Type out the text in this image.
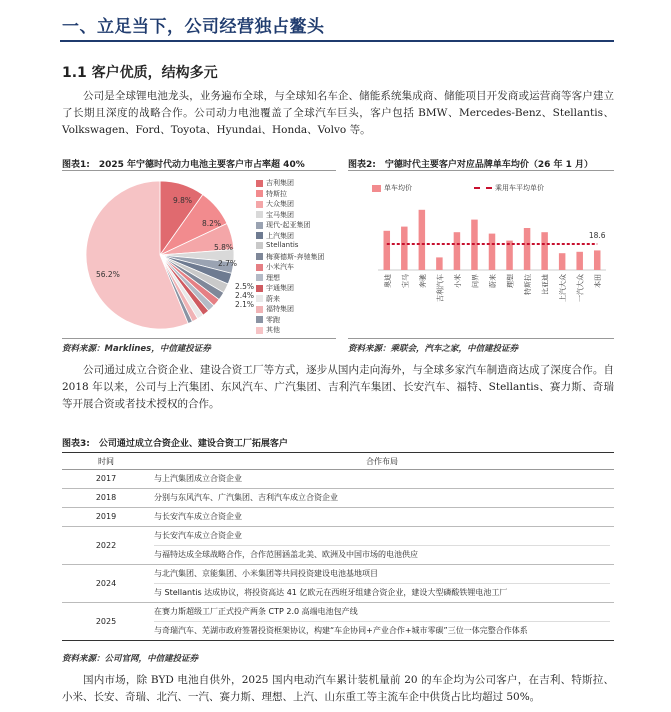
一、立足当下，公司经营独占鳌头
1.1 客户优质，结构多元
公司是全球锂电池龙头，业务遍布全球，与全球知名车企、储能系统集成商、储能项目开发商或运营商等客户建立了长期且深度的战略合作。公司动力电池覆盖了全球汽车巨头，客户包括 BMW、Mercedes-Benz、Stellantis、Volkswagen、Ford、Toyota、Hyundai、Honda、Volvo 等。
图表1:　2025 年宁德时代动力电池主要客户市占率超 40%
9.8%
8.2%
5.8%
2.7%
2.5%
2.4%
2.1%
56.2%
吉利集团
特斯拉
大众集团
宝马集团
现代-起亚集团
上汽集团
Stellantis
梅赛德斯-奔驰集团
小米汽车
理想
宇通集团
蔚来
福特集团
零跑
其他
资料来源：Marklines，中信建投证券
图表2:　宁德时代主要客户对应品牌单车均价（26 年 1 月）
单车均价	乘用车平均单价
奥迪 宝马 奔驰 吉利汽车 小米 问界 蔚来 理想 特斯拉 比亚迪 上汽大众 一汽大众 本田
18.6
资料来源：乘联会，汽车之家，中信建投证券
公司通过成立合资企业、建设合资工厂等方式，逐步从国内走向海外，与全球多家汽车制造商达成了深度合作。自 2018 年以来，公司与上汽集团、东风汽车、广汽集团、吉利汽车集团、长安汽车、福特、Stellantis、赛力斯、奇瑞等开展合资或者技术授权的合作。
图表3:　公司通过成立合资企业、建设合资工厂拓展客户
时间	合作布局
2017	与上汽集团成立合资企业

2018	分别与东风汽车、广汽集团、吉利汽车成立合资企业

2019	与长安汽车成立合资企业

2022	与长安汽车成立合资企业
与福特达成全球战略合作，合作范围涵盖北美、欧洲及中国市场的电池供应

2024	与北汽集团、京能集团、小米集团等共同投资建设电池基地项目
与 Stellantis 达成协议，将投资高达 41 亿欧元在西班牙组建合资企业，建设大型磷酸铁锂电池工厂

2025	在赛力斯超级工厂正式投产两条 CTP 2.0 高端电池包产线
与奇瑞汽车、芜湖市政府签署投资框架协议，构建“车企协同+产业合作+城市零碳”三位一体完整合作体系
资料来源：公司官网，中信建投证券
国内市场，除 BYD 电池自供外，2025 国内电动汽车累计装机量前 20 的车企均为公司客户，在吉利、特斯拉、小米、长安、奇瑞、北汽、一汽、赛力斯、理想、上汽、山东重工等主流车企中供货占比均超过 50%。
